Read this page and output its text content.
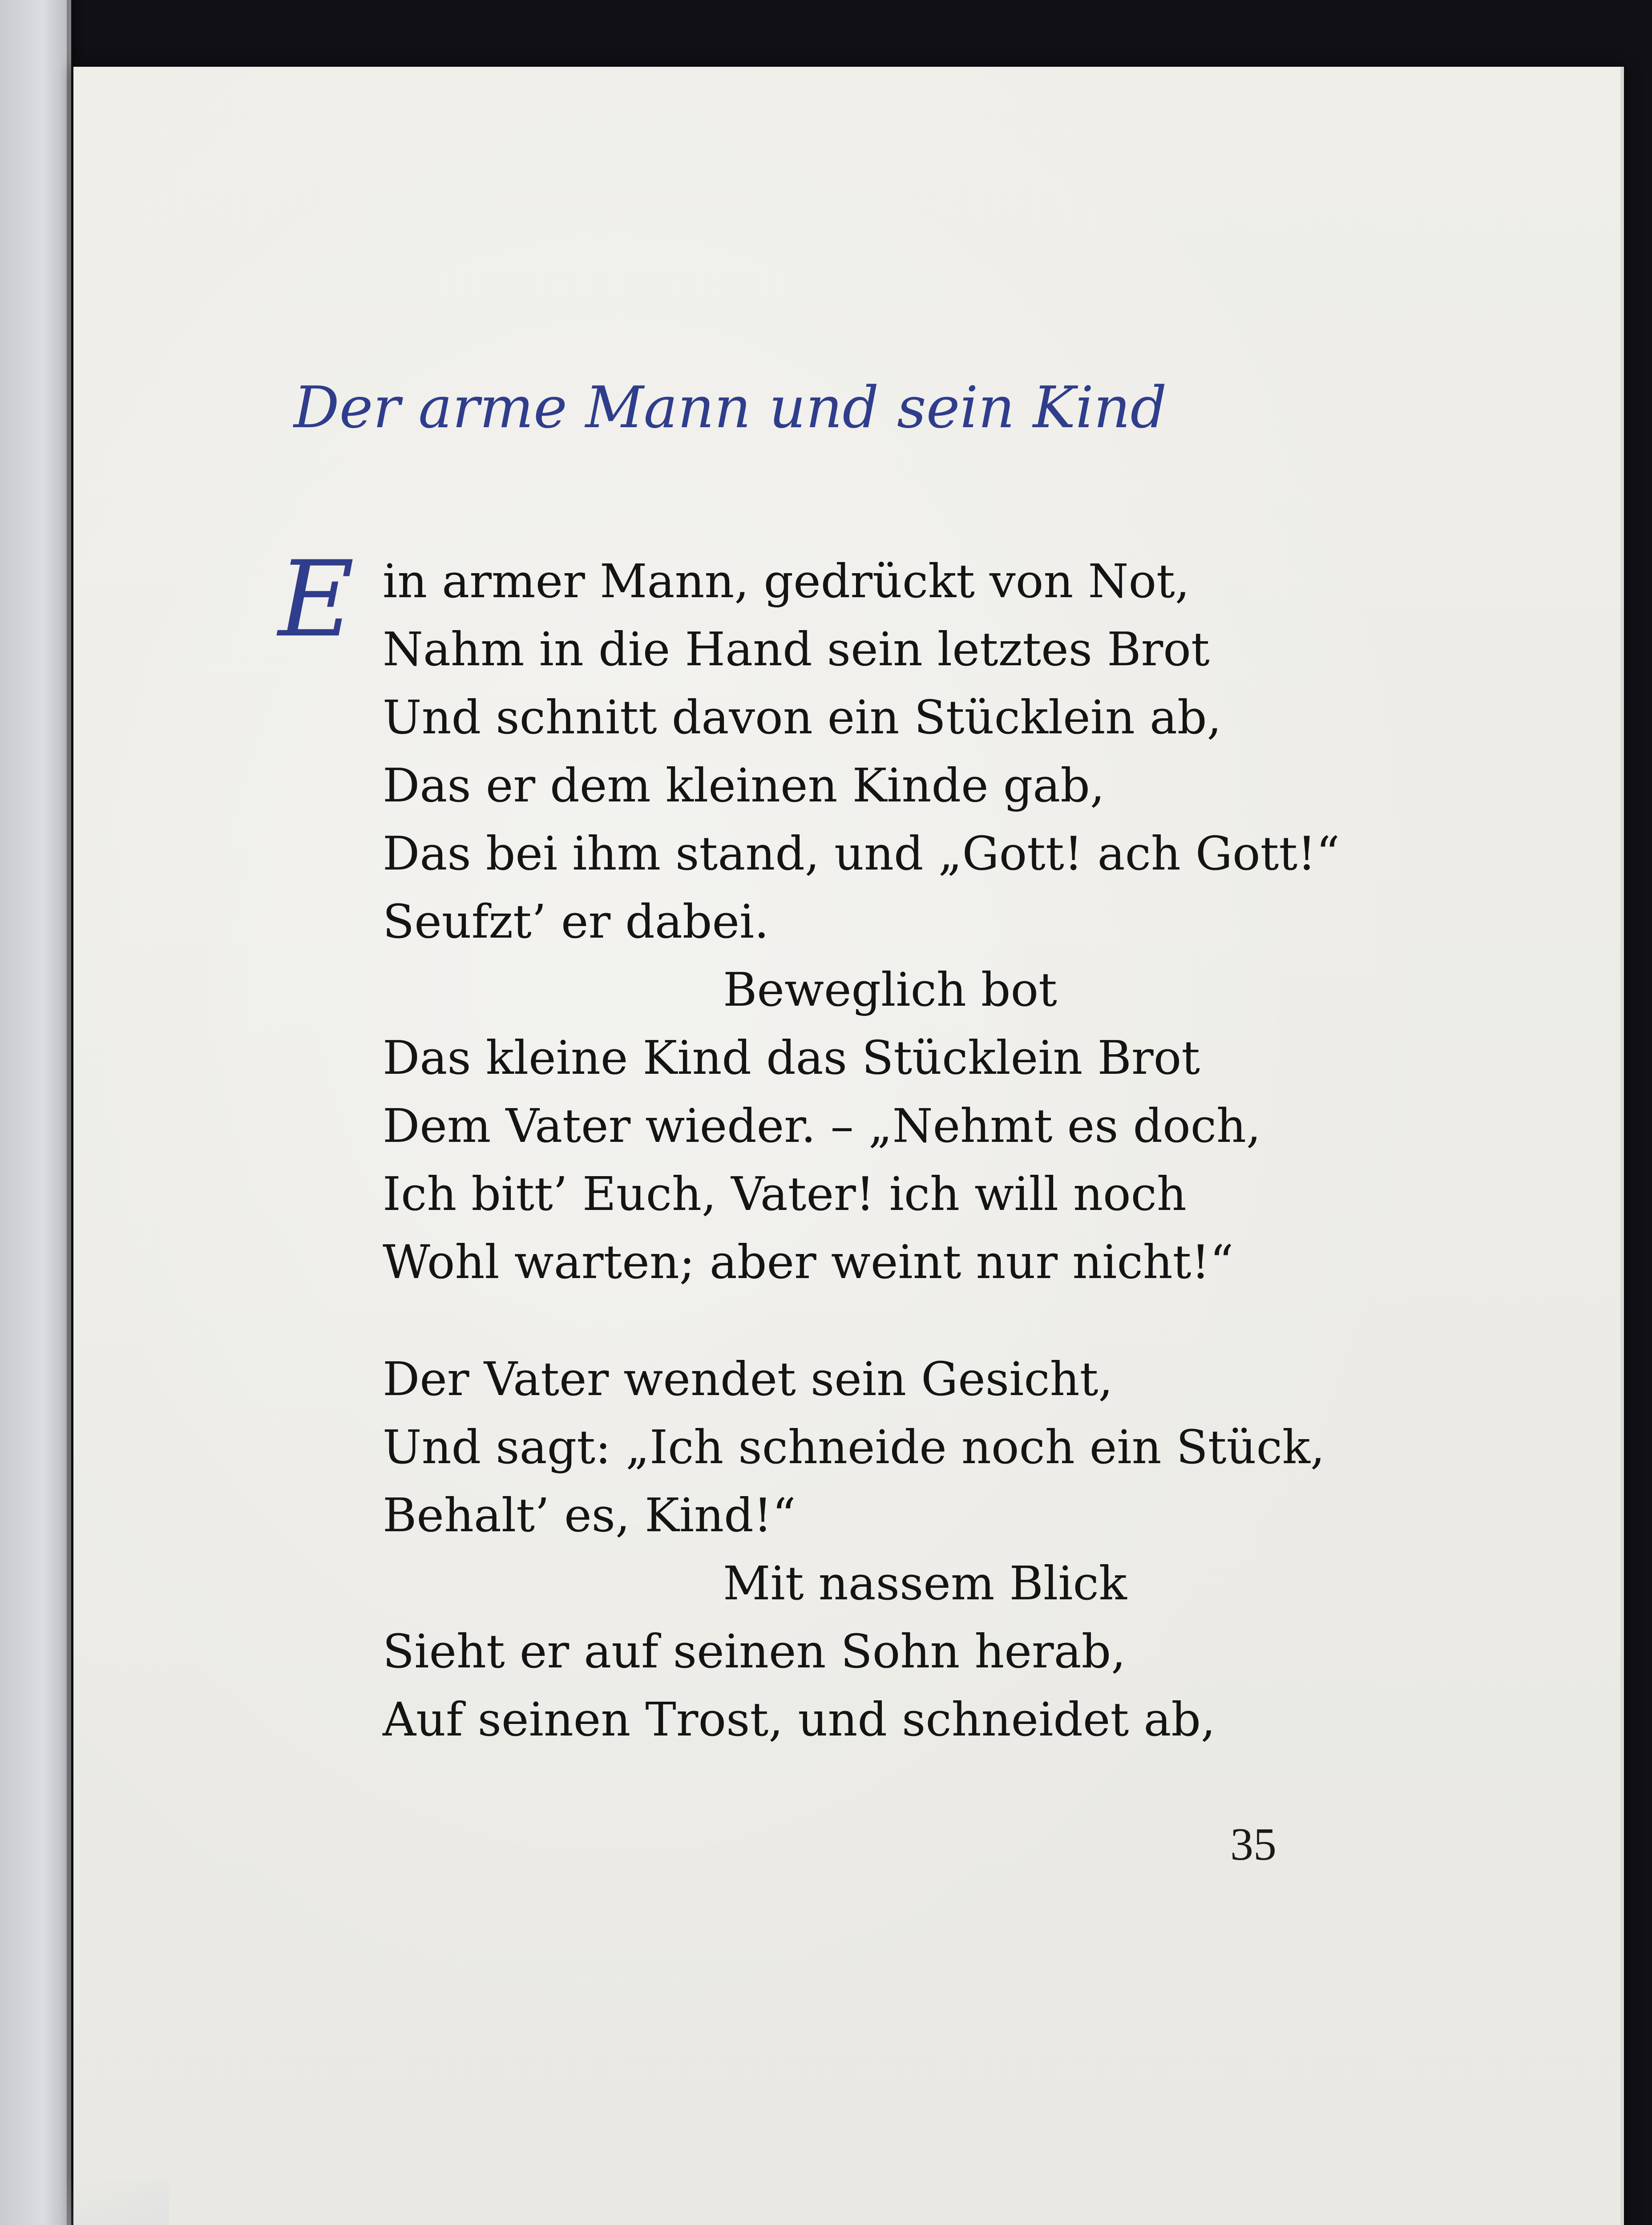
Der arme Mann und sein Kind
E in armer Mann, gedrückt von Not,
Nahm in die Hand sein letztes Brot
Und schnitt davon ein Stücklein ab,
Das er dem kleinen Kinde gab,
Das bei ihm stand, und „Gott! ach Gott!“
Seufzt’ er dabei.
Beweglich bot
Das kleine Kind das Stücklein Brot
Dem Vater wieder. – „Nehmt es doch,
Ich bitt’ Euch, Vater! ich will noch
Wohl warten; aber weint nur nicht!“
Der Vater wendet sein Gesicht,
Und sagt: „Ich schneide noch ein Stück,
Behalt’ es, Kind!“
Mit nassem Blick
Sieht er auf seinen Sohn herab,
Auf seinen Trost, und schneidet ab,

35
